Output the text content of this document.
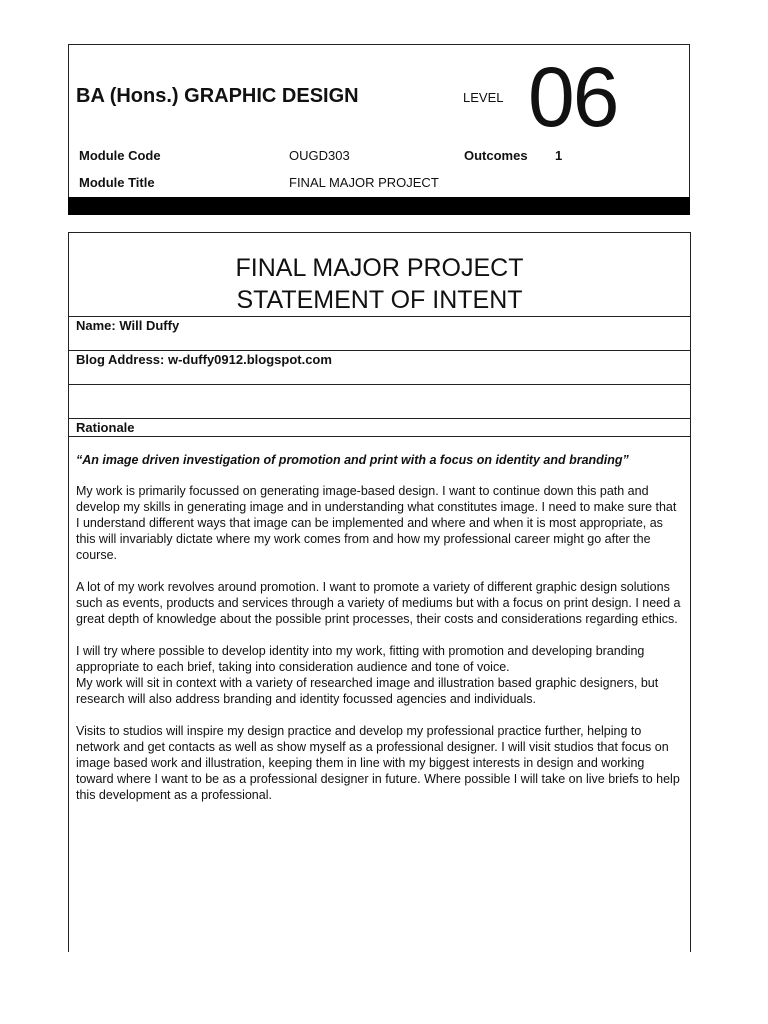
BA (Hons.) GRAPHIC DESIGN	LEVEL 06
Module Code	OUGD303	Outcomes 1
Module Title	FINAL MAJOR PROJECT
FINAL MAJOR PROJECT
STATEMENT OF INTENT
Name: Will Duffy
Blog Address: w-duffy0912.blogspot.com
Rationale

“An image driven investigation of promotion and print with a focus on identity and branding”

My work is primarily focussed on generating image-based design. I want to continue down this path and develop my skills in generating image and in understanding what constitutes image. I need to make sure that I understand different ways that image can be implemented and where and when it is most appropriate, as this will invariably dictate where my work comes from and how my professional career might go after the course.

A lot of my work revolves around promotion. I want to promote a variety of different graphic design solutions such as events, products and services through a variety of mediums but with a focus on print design. I need a great depth of knowledge about the possible print processes, their costs and considerations regarding ethics.

I will try where possible to develop identity into my work, fitting with promotion and developing branding appropriate to each brief, taking into consideration audience and tone of voice.

My work will sit in context with a variety of researched image and illustration based graphic designers, but research will also address branding and identity focussed agencies and individuals.

Visits to studios will inspire my design practice and develop my professional practice further, helping to network and get contacts as well as show myself as a professional designer. I will visit studios that focus on image based work and illustration, keeping them in line with my biggest interests in design and working toward where I want to be as a professional designer in future. Where possible I will take on live briefs to help this development as a professional.
